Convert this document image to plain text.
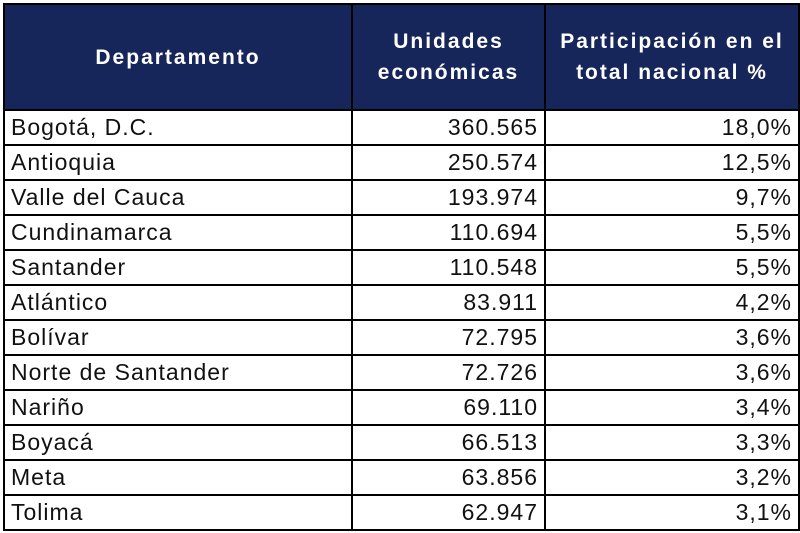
Departamento	Unidades económicas	Participación en el total nacional %
Bogotá, D.C.	360.565	18,0%
Antioquia	250.574	12,5%
Valle del Cauca	193.974	9,7%
Cundinamarca	110.694	5,5%
Santander	110.548	5,5%
Atlántico	83.911	4,2%
Bolívar	72.795	3,6%
Norte de Santander	72.726	3,6%
Nariño	69.110	3,4%
Boyacá	66.513	3,3%
Meta	63.856	3,2%
Tolima	62.947	3,1%
